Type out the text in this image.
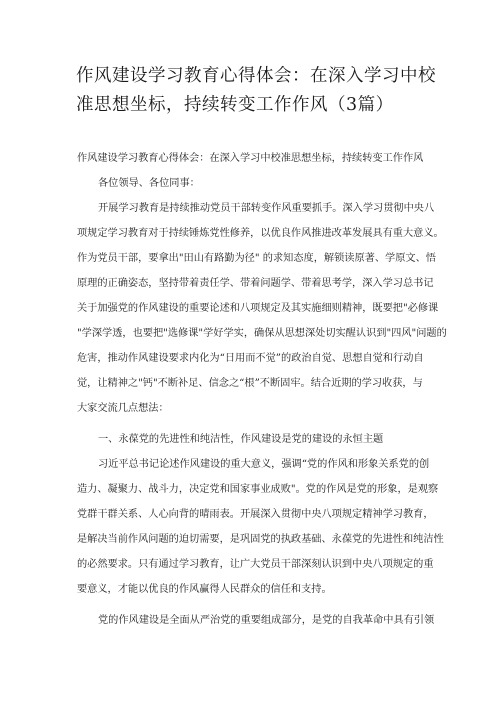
作风建设学习教育心得体会：在深入学习中校
准思想坐标，持续转变工作作风（3篇）
作风建设学习教育心得体会：在深入学习中校准思想坐标，持续转变工作作风
各位领导、各位同事：
开展学习教育是持续推动党员干部转变作风重要抓手。深入学习贯彻中央八
项规定学习教育对于持续锤炼党性修养，以优良作风推进改革发展具有重大意义。
作为党员干部，要拿出"田山有路勤为径" 的求知态度，解锁读原著、学原文、悟
原理的正确姿态，坚持带着责任学、带着问题学、带着思考学，深入学习总书记
关于加强党的作风建设的重要论述和八项规定及其实施细则精神，既要把"必修课
"学深学透，也要把"选修课"学好学实，确保从思想深处切实醒认识到"四风"问题的
危害，推动作风建设要求内化为“日用而不觉”的政治自觉、思想自觉和行动自
觉，让精神之"钙"不断补足、信念之“根”不断固牢。结合近期的学习收获，与
大家交流几点想法：
一、永葆党的先进性和纯洁性，作风建设是党的建设的永恒主题
习近平总书记论述作风建设的重大意义，强调“党的作风和形象关系党的创
造力、凝聚力、战斗力，决定党和国家事业成败"。党的作风是党的形象，是观察
党群干群关系、人心向背的晴雨表。开展深入贯彻中央八项规定精神学习教育，
是解决当前作风问题的迫切需要，是巩固党的执政基础、永葆党的先进性和纯洁性
的必然要求。只有通过学习教育，让广大党员干部深刻认识到中央八项规定的重
要意义，才能以优良的作风赢得人民群众的信任和支持。
党的作风建设是全面从严治党的重要组成部分，是党的自我革命中具有引领
